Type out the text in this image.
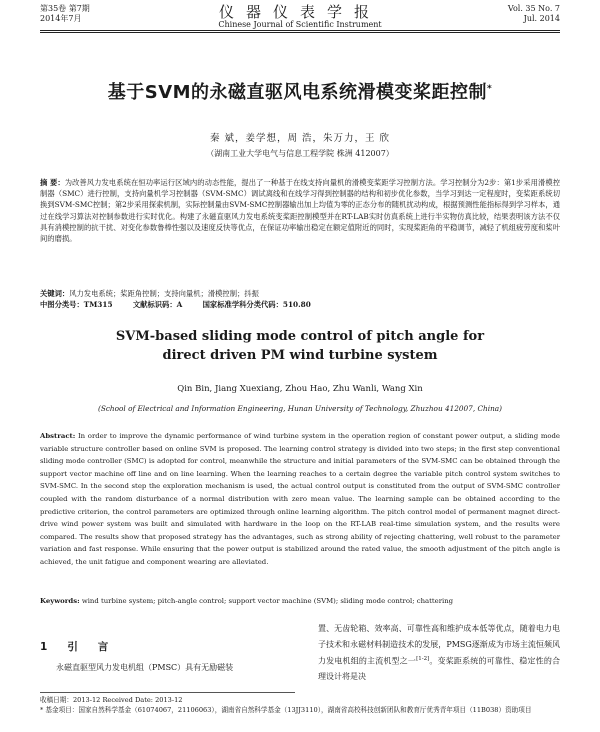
第35卷 第7期
2014年7月	仪器仪表学报
Chinese Journal of Scientific Instrument
Vol. 35 No. 7
Jul. 2014
基于SVM的永磁直驱风电系统滑模变桨距控制*
秦 斌，姜学想，周 浩，朱万力，王 欣
（湖南工业大学电气与信息工程学院 株洲 412007）
摘 要：为改善风力发电系统在恒功率运行区域内的动态性能，提出了一种基于在线支持向量机的滑模变桨距学习控制方法。学习控制分为2步：第1步采用滑模控制器（SMC）进行控制，支持向量机学习控制器（SVM-SMC）调试离线和在线学习得到控制器的结构和初步优化参数，当学习到达一定程度时，变桨距系统切换到SVM-SMC控制；第2步采用探索机制，实际控制量由SVM-SMC控制器输出加上均值为零的正态分布的随机扰动构成，根据预测性能指标得到学习样本，通过在线学习算法对控制参数进行实时优化。构建了永磁直驱风力发电系统变桨距控制模型并在RT-LAB实时仿真系统上进行半实物仿真比较，结果表明该方法不仅具有消模控制的抗干扰、对变化参数鲁棒性强以及速度反快等优点，在保证功率输出稳定在额定值附近的同时，实现桨距角的平稳调节，减轻了机组疲劳度和桨叶间的磨损。
关键词：风力发电系统；桨距角控制；支持向量机；滑模控制；抖振
中图分类号：TM315	文献标识码：A	国家标准学科分类代码：510.80
SVM-based sliding mode control of pitch angle for
direct driven PM wind turbine system
Qin Bin, Jiang Xuexiang, Zhou Hao, Zhu Wanli, Wang Xin
(School of Electrical and Information Engineering, Hunan University of Technology, Zhuzhou 412007, China)
Abstract: In order to improve the dynamic performance of wind turbine system in the operation region of constant power output, a sliding mode variable structure controller based on online SVM is proposed. The learning control strategy is divided into two steps; in the first step conventional sliding mode controller (SMC) is adopted for control, meanwhile the structure and initial parameters of the SVM-SMC can be obtained through the support vector machine off line and on line learning. When the learning reaches to a certain degree the variable pitch control system switches to SVM-SMC. In the second step the exploration mechanism is used, the actual control output is constituted from the output of SVM-SMC controller coupled with the random disturbance of a normal distribution with zero mean value. The learning sample can be obtained according to the predictive criterion, the control parameters are optimized through online learning algorithm. The pitch control model of permanent magnet direct-drive wind power system was built and simulated with hardware in the loop on the RT-LAB real-time simulation system, and the results were compared. The results show that proposed strategy has the advantages, such as strong ability of rejecting chattering, well robust to the parameter variation and fast response. While ensuring that the power output is stabilized around the rated value, the smooth adjustment of the pitch angle is achieved, the unit fatigue and component wearing are alleviated.
Keywords: wind turbine system; pitch-angle control; support vector machine (SVM); sliding mode control; chattering
1 引言
永磁直驱型风力发电机组（PMSC）具有无励磁装
置、无齿轮箱、效率高、可靠性高和维护成本低等优点，随着电力电子技术和永磁材料制造技术的发展，PMSG逐渐成为市场主流恒频风力发电机组的主流机型之一[1-2]。变桨距系统的可靠性、稳定性的合理设计将是决
收稿日期：2013-12 Received Date: 2013-12
* 基金项目：国家自然科学基金（61074067，21106063），湖南省自然科学基金（13JJ3110），湖南省高校科技创新团队和教育厅优秀青年项目（11B038）资助项目
